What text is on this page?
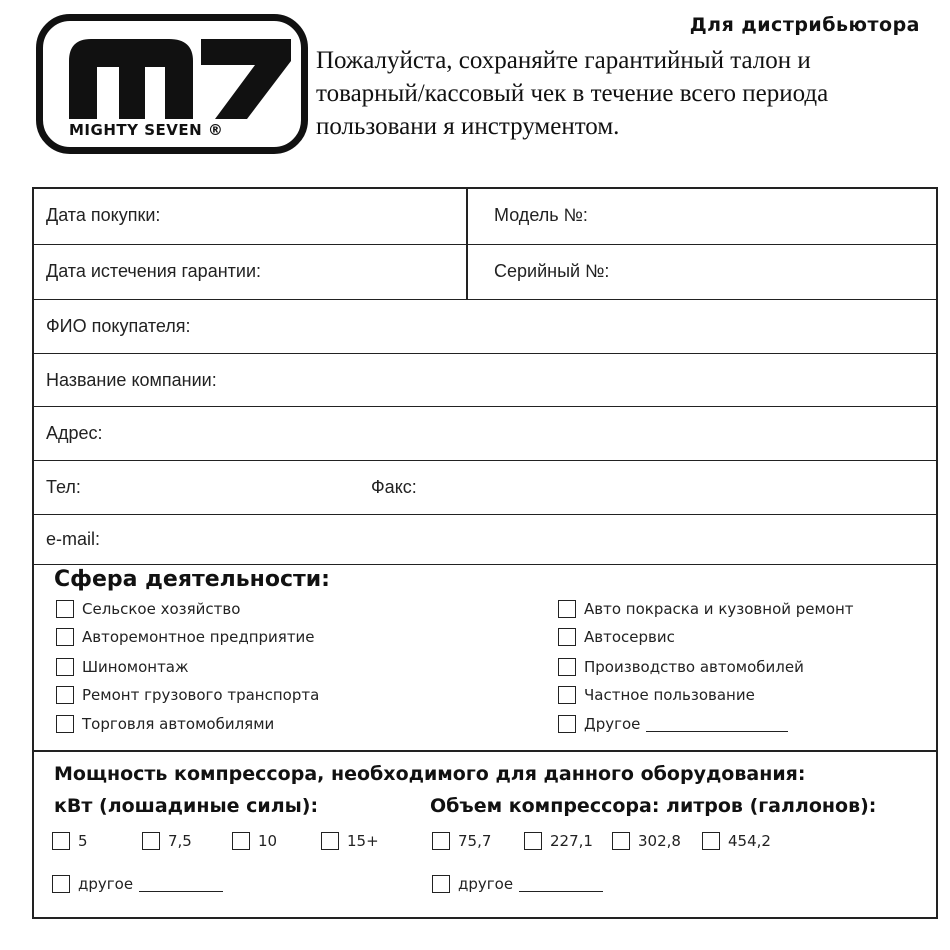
MIGHTY SEVEN ®
Для дистрибьютора
Пожалуйста, сохраняйте гарантийный талон и
товарный/кассовый чек в течение всего периода
пользовани я инструментом.
Дата покупки:	Модель №:
Дата истечения гарантии:	Серийный №:
ФИО покупателя:
Название компании:
Адрес:
Тел:	Факс:
e-mail:
Сфера деятельности:
Сельское хозяйство
Авторемонтное предприятие
Шиномонтаж
Ремонт грузового транспорта
Торговля автомобилями
Авто покраска и кузовной ремонт
Автосервис
Производство автомобилей
Частное пользование
Другое
Мощность компрессора, необходимого для данного оборудования:
кВт (лошадиные силы):	Объем компрессора: литров (галлонов):
5	7,5	10	15+	75,7	227,1	302,8	454,2
другое	другое
